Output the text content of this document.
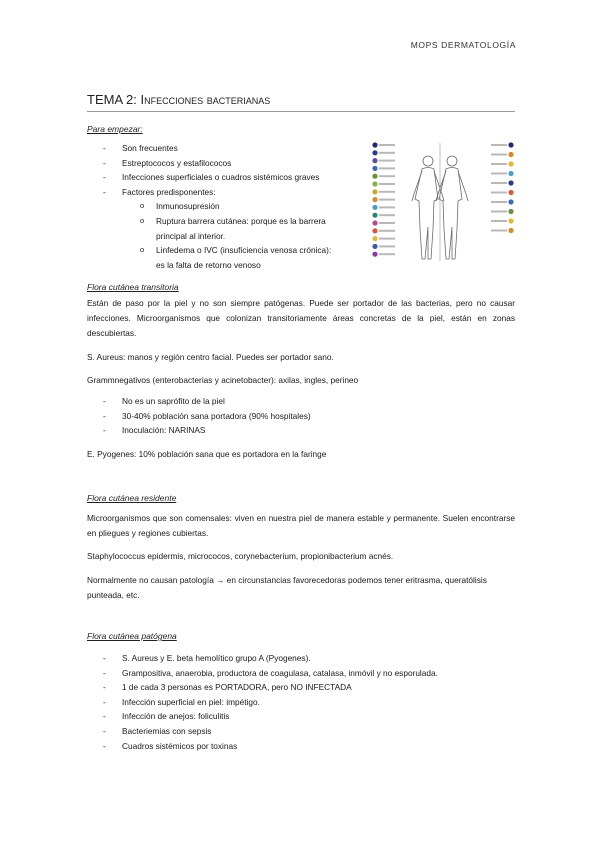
MOPS DERMATOLOGÍA
TEMA 2: Infecciones bacterianas
Para empezar:
- Son frecuentes
- Estreptococos y estafilococos
- Infecciones superficiales o cuadros sistémicos graves
- Factores predisponentes:
o Inmunosupresión
o Ruptura barrera cutánea: porque es la barrera principal al interior.
o Linfedema o IVC (insuficiencia venosa crónica): es la falta de retorno venoso
Flora cutánea transitoria
Están de paso por la piel y no son siempre patógenas. Puede ser portador de las bacterias, pero no causar infecciones. Microorganismos que colonizan transitoriamente áreas concretas de la piel, están en zonas descubiertas.
S. Aureus: manos y región centro facial. Puedes ser portador sano.
Grammnegativos (enterobacterias y acinetobacter): axilas, ingles, perineo
- No es un saprófito de la piel
- 30-40% población sana portadora (90% hospitales)
- Inoculación: NARINAS
E. Pyogenes: 10% población sana que es portadora en la faringe
Flora cutánea residente
Microorganismos que son comensales: viven en nuestra piel de manera estable y permanente. Suelen encontrarse en pliegues y regiones cubiertas.
Staphylococcus epidermis, micrococos, corynebacterium, propionibacterium acnés.
Normalmente no causan patología → en circunstancias favorecedoras podemos tener eritrasma, queratólisis punteada, etc.
Flora cutánea patógena
- S. Aureus y E. beta hemolítico grupo A (Pyogenes).
- Grampositiva, anaerobia, productora de coagulasa, catalasa, inmóvil y no esporulada.
- 1 de cada 3 personas es PORTADORA, pero NO INFECTADA
- Infección superficial en piel: impétigo.
- Infección de anejos: foliculitis
- Bacteriemias con sepsis
- Cuadros sistémicos por toxinas
